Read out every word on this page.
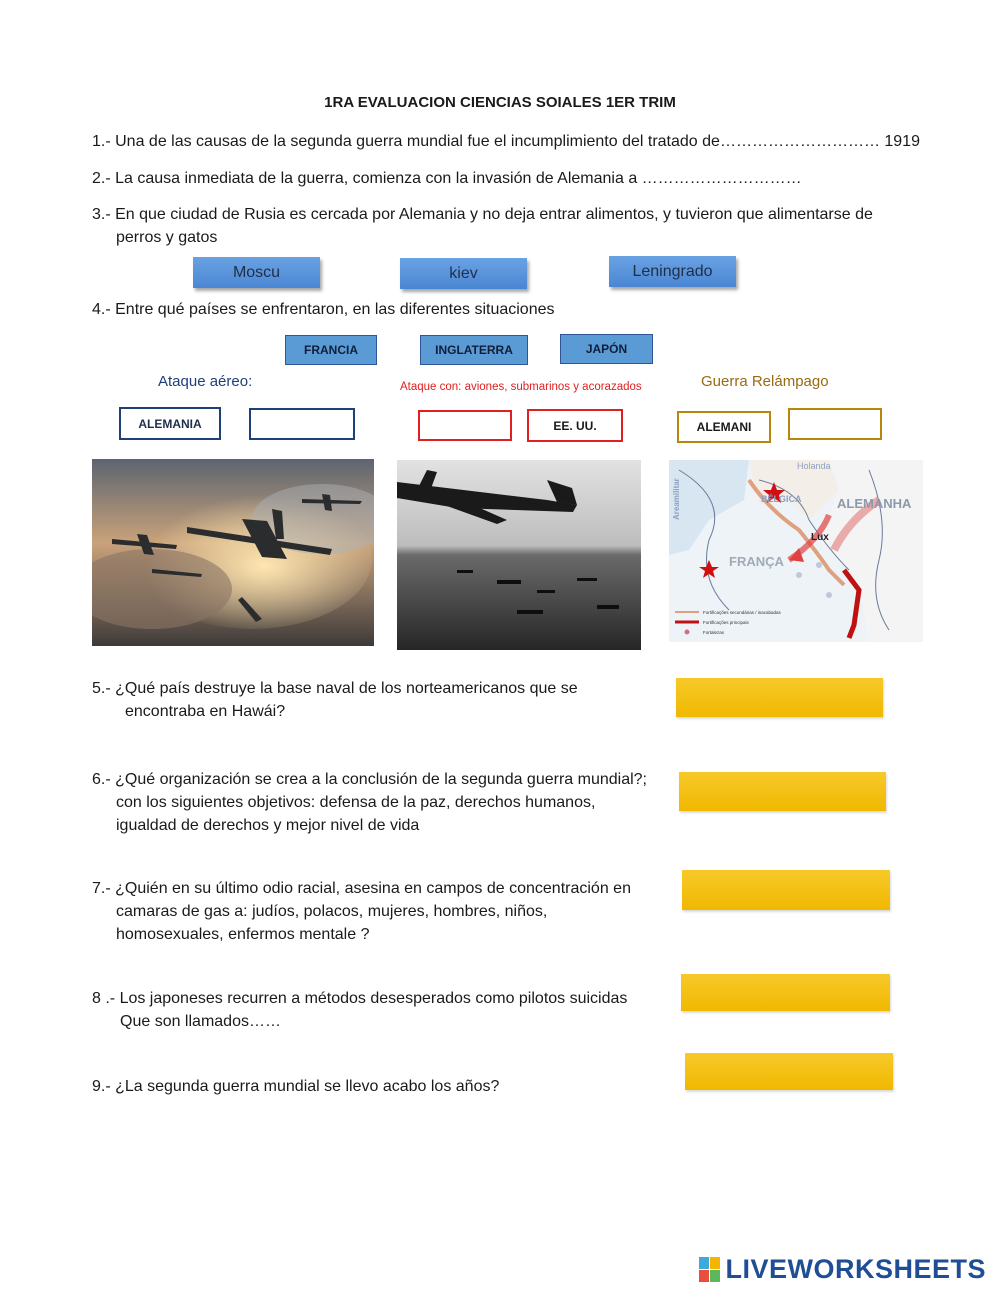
1RA EVALUACION CIENCIAS SOIALES 1ER TRIM
1.- Una de las causas de la segunda guerra mundial fue el incumplimiento del tratado de………………………… 1919
2.- La causa inmediata de la guerra, comienza con la invasión de Alemania a …………………………
3.- En que ciudad de Rusia es cercada por Alemania y no deja entrar alimentos, y tuvieron que alimentarse de
perros y gatos
Moscu	kiev	Leningrado
4.- Entre qué países se enfrentaron, en las diferentes situaciones
FRANCIA	INGLATERRA	JAPÓN
Ataque aéreo:	Ataque con: aviones, submarinos y acorazados	Guerra Relámpago
ALEMANIA	EE. UU.	ALEMANI
Holanda
BÉLGICA	ALEMANHA
FRANÇA
Lux
Areamilitar
Fortificações secundárias / inacabadas
Fortificações principais
Fortalezas
5.- ¿Qué país destruye la base naval de los norteamericanos que se
encontraba en Hawái?
6.- ¿Qué organización se crea a la conclusión de la segunda guerra mundial?;
con los siguientes objetivos: defensa de la paz, derechos humanos,
igualdad de derechos y mejor nivel de vida
7.- ¿Quién en su último odio racial, asesina en campos de concentración en
camaras de gas a: judíos, polacos, mujeres, hombres, niños,
homosexuales, enfermos mentale ?
8 .- Los japoneses recurren a métodos desesperados como pilotos suicidas
Que son llamados……
9.- ¿La segunda guerra mundial se llevo acabo los años?
LIVEWORKSHEETS
